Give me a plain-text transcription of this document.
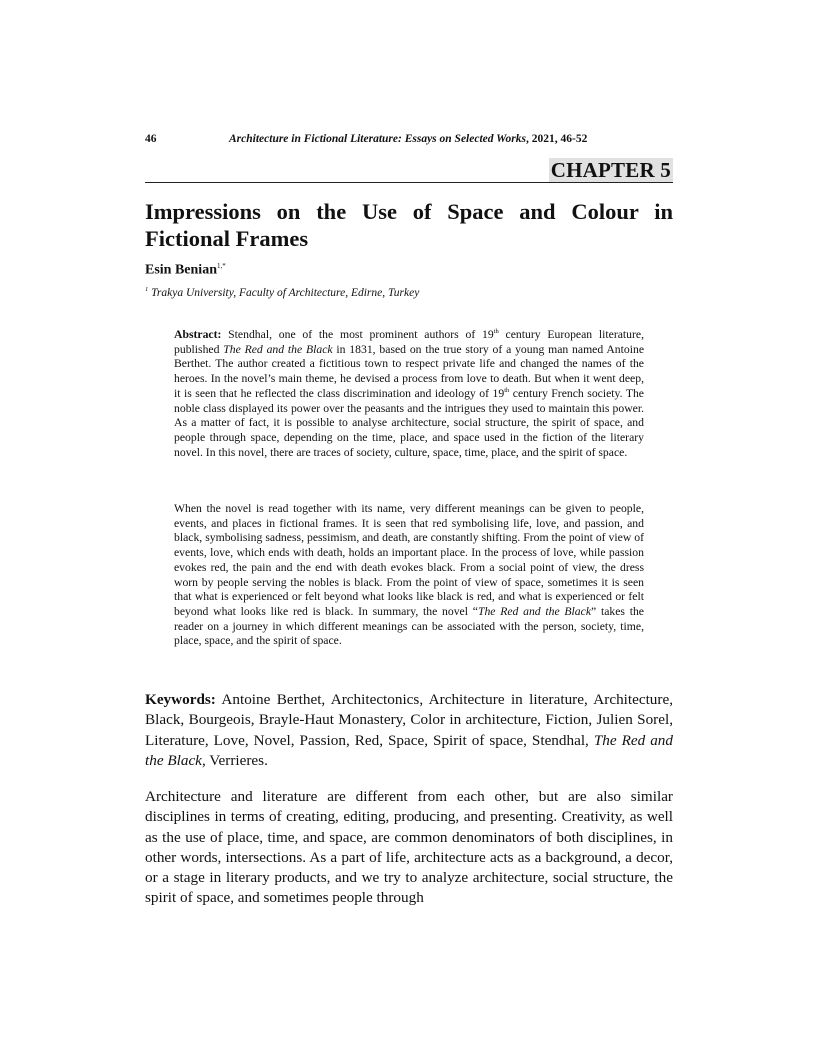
46	Architecture in Fictional Literature: Essays on Selected Works, 2021, 46-52
CHAPTER 5
Impressions on the Use of Space and Colour in Fictional Frames
Esin Benian$^{1,*}$
$^1$ Trakya University, Faculty of Architecture, Edirne, Turkey

Abstract: Stendhal, one of the most prominent authors of 19th century European literature, published The Red and the Black in 1831, based on the true story of a young man named Antoine Berthet. The author created a fictitious town to respect private life and changed the names of the heroes. In the novel’s main theme, he devised a process from love to death. But when it went deep, it is seen that he reflected the class discrimination and ideology of 19th century French society. The noble class displayed its power over the peasants and the intrigues they used to maintain this power. As a matter of fact, it is possible to analyse architecture, social structure, the spirit of space, and people through space, depending on the time, place, and space used in the fiction of the literary novel. In this novel, there are traces of society, culture, space, time, place, and the spirit of space.

When the novel is read together with its name, very different meanings can be given to people, events, and places in fictional frames. It is seen that red symbolising life, love, and passion, and black, symbolising sadness, pessimism, and death, are constantly shifting. From the point of view of events, love, which ends with death, holds an important place. In the process of love, while passion evokes red, the pain and the end with death evokes black. From a social point of view, the dress worn by people serving the nobles is black. From the point of view of space, sometimes it is seen that what is experienced or felt beyond what looks like black is red, and what is experienced or felt beyond what looks like red is black. In summary, the novel “The Red and the Black” takes the reader on a journey in which different meanings can be associated with the person, society, time, place, space, and the spirit of space.

Keywords: Antoine Berthet, Architectonics, Architecture in literature, Architecture, Black, Bourgeois, Brayle-Haut Monastery, Color in architecture, Fiction, Julien Sorel, Literature, Love, Novel, Passion, Red, Space, Spirit of space, Stendhal, The Red and the Black, Verrieres.

Architecture and literature are different from each other, but are also similar disciplines in terms of creating, editing, producing, and presenting. Creativity, as well as the use of place, time, and space, are common denominators of both disciplines, in other words, intersections. As a part of life, architecture acts as a background, a decor, or a stage in literary products, and we try to analyze architecture, social structure, the spirit of space, and sometimes people through
